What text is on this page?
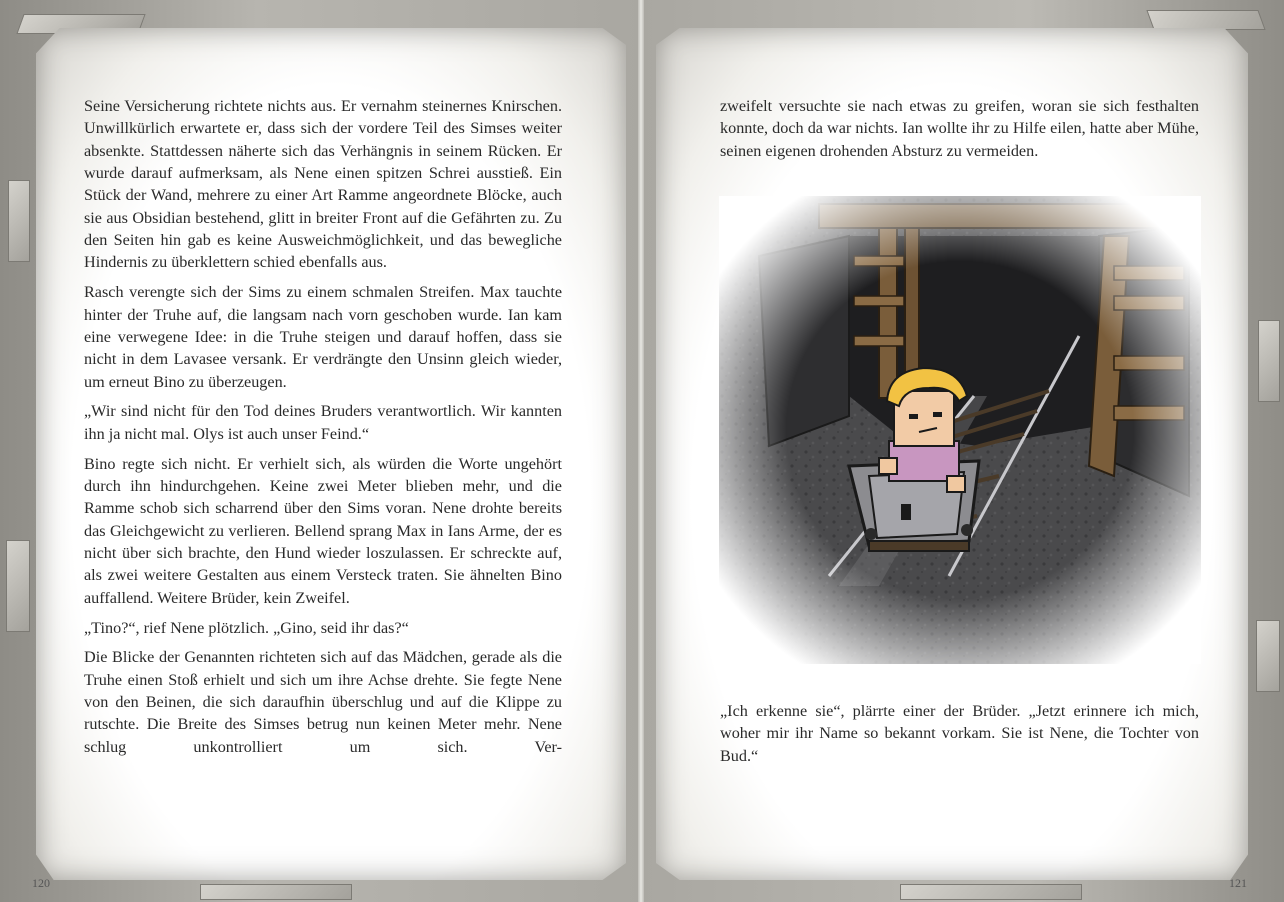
Seine Versicherung richtete nichts aus. Er vernahm steinernes Knirschen. Unwillkürlich erwartete er, dass sich der vordere Teil des Simses weiter absenkte. Stattdessen näherte sich das Verhängnis in seinem Rücken. Er wurde darauf aufmerksam, als Nene einen spitzen Schrei ausstieß. Ein Stück der Wand, mehrere zu einer Art Ramme angeordnete Blöcke, auch sie aus Obsidian bestehend, glitt in breiter Front auf die Gefährten zu. Zu den Seiten hin gab es keine Ausweichmöglichkeit, und das bewegliche Hindernis zu überklettern schied ebenfalls aus.

Rasch verengte sich der Sims zu einem schmalen Streifen. Max tauchte hinter der Truhe auf, die langsam nach vorn geschoben wurde. Ian kam eine verwegene Idee: in die Truhe steigen und darauf hoffen, dass sie nicht in dem Lavasee versank. Er verdrängte den Unsinn gleich wieder, um erneut Bino zu überzeugen.

„Wir sind nicht für den Tod deines Bruders verantwortlich. Wir kannten ihn ja nicht mal. Olys ist auch unser Feind.“

Bino regte sich nicht. Er verhielt sich, als würden die Worte ungehört durch ihn hindurchgehen. Keine zwei Meter blieben mehr, und die Ramme schob sich scharrend über den Sims voran. Nene drohte bereits das Gleichgewicht zu verlieren. Bellend sprang Max in Ians Arme, der es nicht über sich brachte, den Hund wieder loszulassen. Er schreckte auf, als zwei weitere Gestalten aus einem Versteck traten. Sie ähnelten Bino auffallend. Weitere Brüder, kein Zweifel.

„Tino?“, rief Nene plötzlich. „Gino, seid ihr das?“

Die Blicke der Genannten richteten sich auf das Mädchen, gerade als die Truhe einen Stoß erhielt und sich um ihre Achse drehte. Sie fegte Nene von den Beinen, die sich daraufhin überschlug und auf die Klippe zu rutschte. Die Breite des Simses betrug nun keinen Meter mehr. Nene schlug unkontrolliert um sich. Ver-

zweifelt versuchte sie nach etwas zu greifen, woran sie sich festhalten konnte, doch da war nichts. Ian wollte ihr zu Hilfe eilen, hatte aber Mühe, seinen eigenen drohenden Absturz zu vermeiden.

„Ich erkenne sie“, plärrte einer der Brüder. „Jetzt erinnere ich mich, woher mir ihr Name so bekannt vorkam. Sie ist Nene, die Tochter von Bud.“

120	121
